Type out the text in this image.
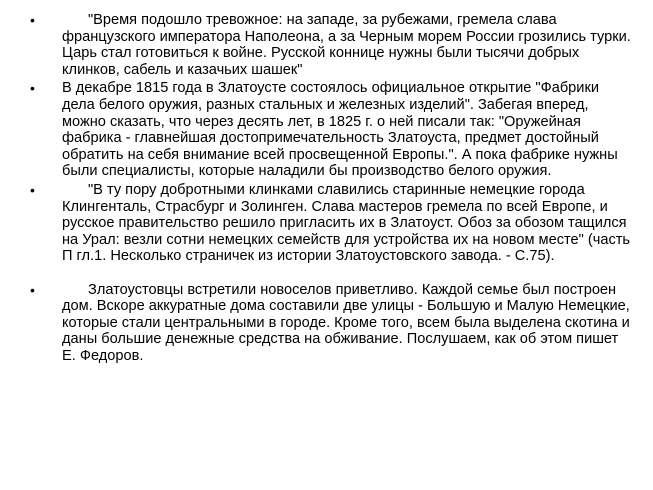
•	"Время подошло тревожное: на западе, за рубежами, гремела слава французского императора Наполеона, а за Черным морем России грозились турки. Царь стал готовиться к войне. Русской коннице нужны были тысячи добрых клинков, сабель и казачьих шашек"
• В декабре 1815 года в Златоусте состоялось официальное открытие "Фабрики дела белого оружия, разных стальных и железных изделий". Забегая вперед, можно сказать, что через десять лет, в 1825 г. о ней писали так: "Оружейная фабрика - главнейшая достопримечательность Златоуста, предмет достойный обратить на себя внимание всей просвещенной Европы.". А пока фабрике нужны были специалисты, которые наладили бы производство белого оружия.
•	"В ту пору добротными клинками славились старинные немецкие города Клингенталь, Страсбург и Золинген. Слава мастеров гремела по всей Европе, и русское правительство решило пригласить их в Златоуст. Обоз за обозом тащился на Урал: везли сотни немецких семейств для устройства их на новом месте" (часть П гл.1. Несколько страничек из истории Златоустовского завода. - С.75).
•	Златоустовцы встретили новоселов приветливо. Каждой семье был построен дом. Вскоре аккуратные дома составили две улицы - Большую и Малую Немецкие, которые стали центральными в городе. Кроме того, всем была выделена скотина и даны большие денежные средства на обживание. Послушаем, как об этом пишет Е. Федоров.
